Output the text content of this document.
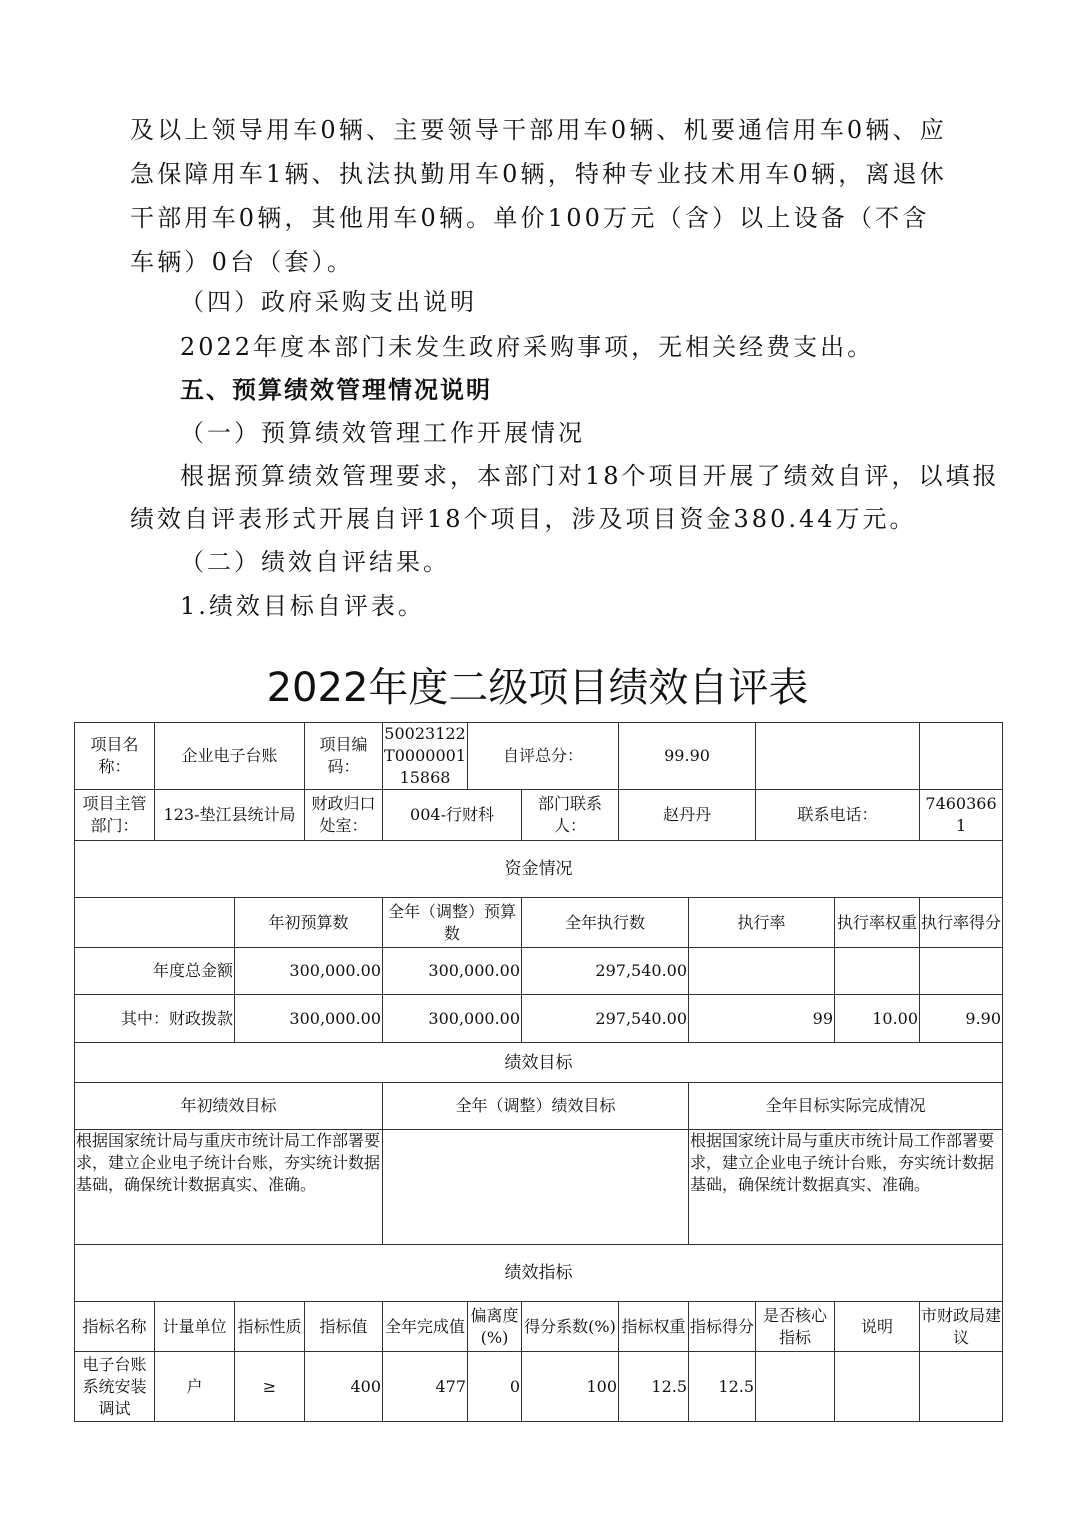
及以上领导用车0辆、主要领导干部用车0辆、机要通信用车0辆、应急保障用车1辆、执法执勤用车0辆，特种专业技术用车0辆，离退休干部用车0辆，其他用车0辆。单价100万元（含）以上设备（不含车辆）0台（套）。
（四）政府采购支出说明
2022年度本部门未发生政府采购事项，无相关经费支出。
五、预算绩效管理情况说明
（一）预算绩效管理工作开展情况
根据预算绩效管理要求，本部门对18个项目开展了绩效自评，以填报
绩效自评表形式开展自评18个项目，涉及项目资金380.44万元。
（二）绩效自评结果。
1.绩效目标自评表。
2022年度二级项目绩效自评表
项目名称：	企业电子台账		项目编码：	50023122T000000115868	自评总分：		99.90				
项目主管部门：	123-垫江县统计局		财政归口处室：	004-行财科		部门联系人：	赵丹丹		联系电话：		74603661
资金情况											
		年初预算数		全年（调整）预算数		全年执行数		执行率		执行率权重	执行率得分
年度总金额		300,000.00		300,000.00		297,540.00					
其中：财政拨款		300,000.00		300,000.00		297,540.00		99		10.00	9.90
绩效目标											
年初绩效目标				全年（调整）绩效目标				全年目标实际完成情况			
根据国家统计局与重庆市统计局工作部署要求，建立企业电子统计台账，夯实统计数据基础，确保统计数据真实、准确。								根据国家统计局与重庆市统计局工作部署要求，建立企业电子统计台账，夯实统计数据基础，确保统计数据真实、准确。			
绩效指标											
指标名称	计量单位	指标性质	指标值	全年完成值	偏离度(%)	得分系数(%)	指标权重	指标得分	是否核心指标	说明	市财政局建议
电子台账系统安装调试	户	≥	400	477	0	100	12.5	12.5			
